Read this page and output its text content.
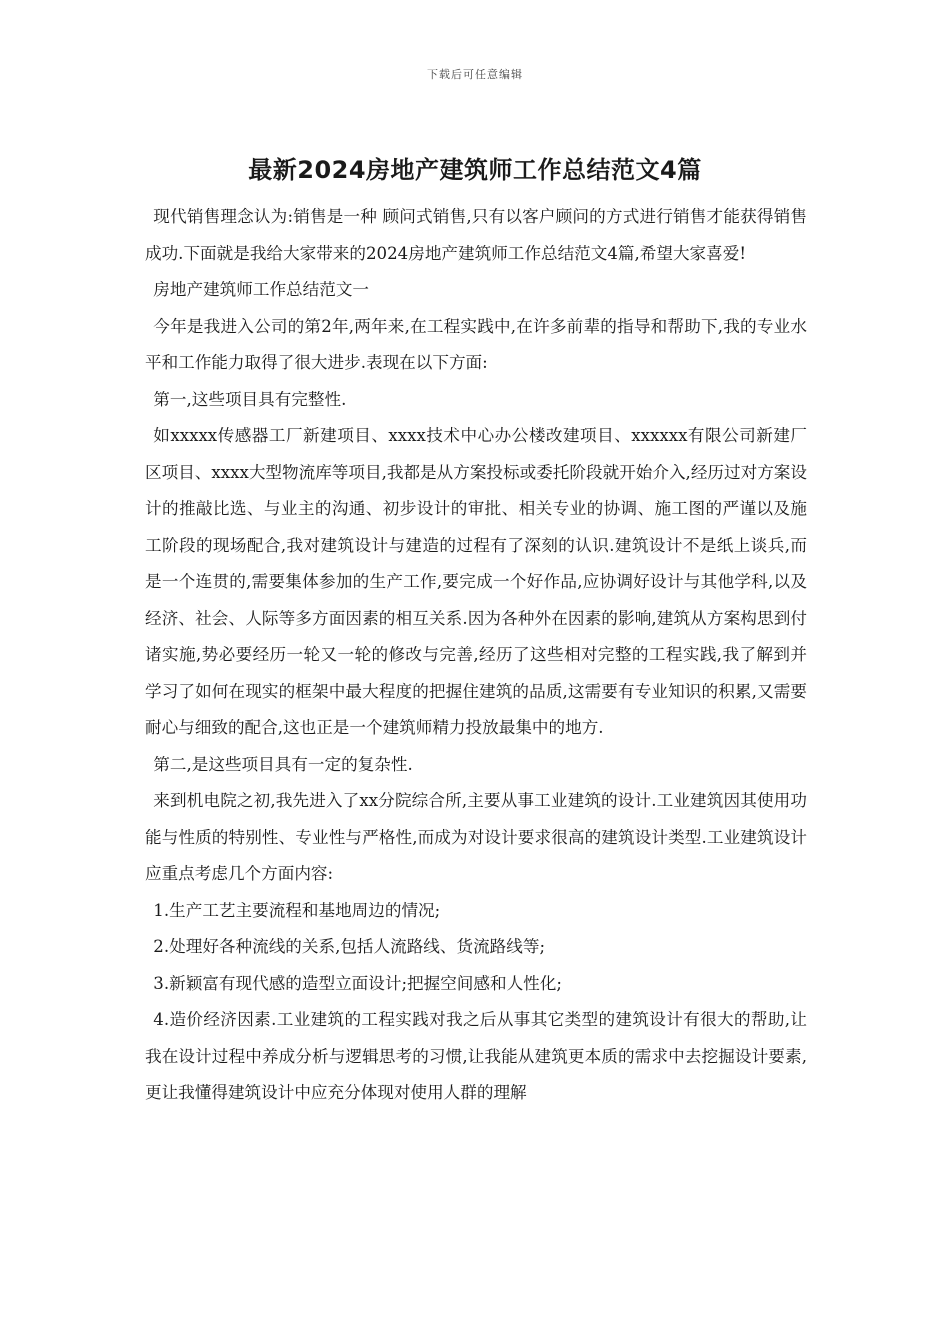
下载后可任意编辑
最新2024房地产建筑师工作总结范文4篇

现代销售理念认为:销售是一种 顾问式销售,只有以客户顾问的方式进行销售才能获得销售成功.下面就是我给大家带来的2024房地产建筑师工作总结范文4篇,希望大家喜爱!

房地产建筑师工作总结范文一

今年是我进入公司的第2年,两年来,在工程实践中,在许多前辈的指导和帮助下,我的专业水平和工作能力取得了很大进步.表现在以下方面:

第一,这些项目具有完整性.

如xxxxx传感器工厂新建项目、xxxx技术中心办公楼改建项目、xxxxxx有限公司新建厂区项目、xxxx大型物流库等项目,我都是从方案投标或委托阶段就开始介入,经历过对方案设计的推敲比选、与业主的沟通、初步设计的审批、相关专业的协调、施工图的严谨以及施工阶段的现场配合,我对建筑设计与建造的过程有了深刻的认识.建筑设计不是纸上谈兵,而是一个连贯的,需要集体参加的生产工作,要完成一个好作品,应协调好设计与其他学科,以及经济、社会、人际等多方面因素的相互关系.因为各种外在因素的影响,建筑从方案构思到付诸实施,势必要经历一轮又一轮的修改与完善,经历了这些相对完整的工程实践,我了解到并学习了如何在现实的框架中最大程度的把握住建筑的品质,这需要有专业知识的积累,又需要耐心与细致的配合,这也正是一个建筑师精力投放最集中的地方.

第二,是这些项目具有一定的复杂性.

来到机电院之初,我先进入了xx分院综合所,主要从事工业建筑的设计.工业建筑因其使用功能与性质的特别性、专业性与严格性,而成为对设计要求很高的建筑设计类型.工业建筑设计应重点考虑几个方面内容:

1.生产工艺主要流程和基地周边的情况;

2.处理好各种流线的关系,包括人流路线、货流路线等;

3.新颖富有现代感的造型立面设计;把握空间感和人性化;

4.造价经济因素.工业建筑的工程实践对我之后从事其它类型的建筑设计有很大的帮助,让我在设计过程中养成分析与逻辑思考的习惯,让我能从建筑更本质的需求中去挖掘设计要素,更让我懂得建筑设计中应充分体现对使用人群的理解
